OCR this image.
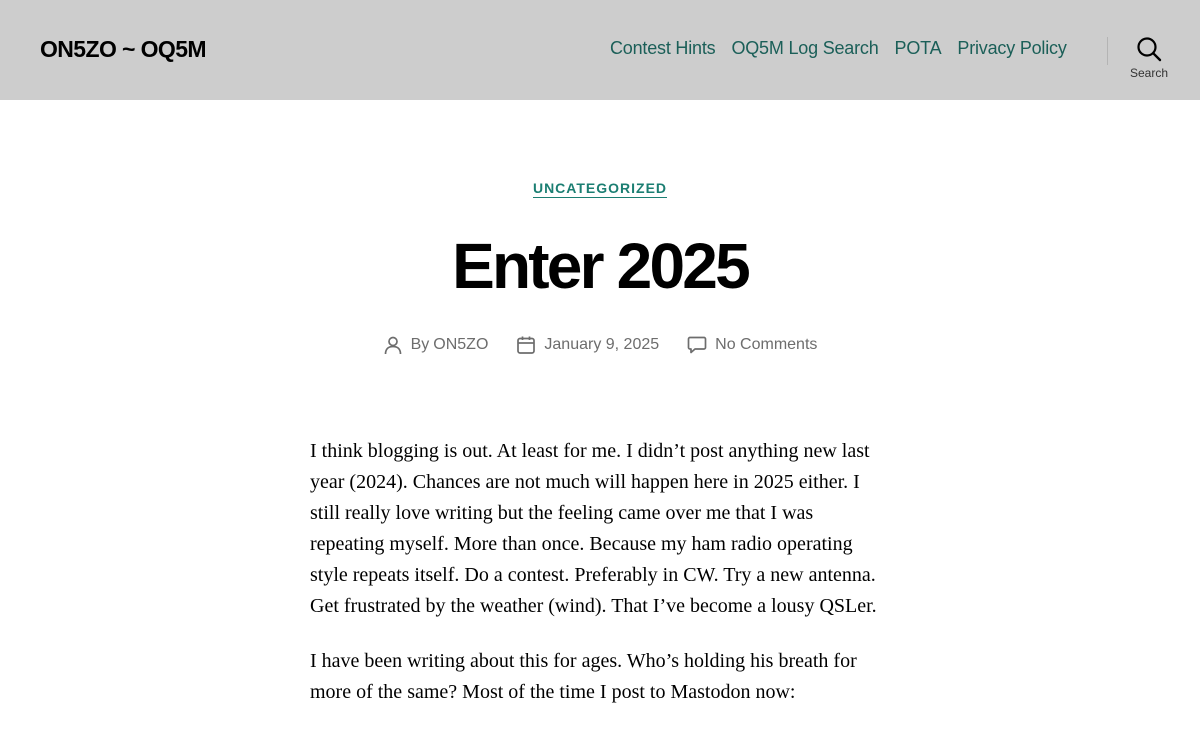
ON5ZO ~ OQ5M	Contest Hints OQ5M Log Search POTA Privacy Policy
Search
UNCATEGORIZED
Enter 2025
By ON5ZO	January 9, 2025	No Comments

I think blogging is out. At least for me. I didn’t post anything new last year (2024). Chances are not much will happen here in 2025 either. I still really love writing but the feeling came over me that I was repeating myself. More than once. Because my ham radio operating style repeats itself. Do a contest. Preferably in CW. Try a new antenna. Get frustrated by the weather (wind). That I’ve become a lousy QSLer.

I have been writing about this for ages. Who’s holding his breath for more of the same? Most of the time I post to Mastodon now:
